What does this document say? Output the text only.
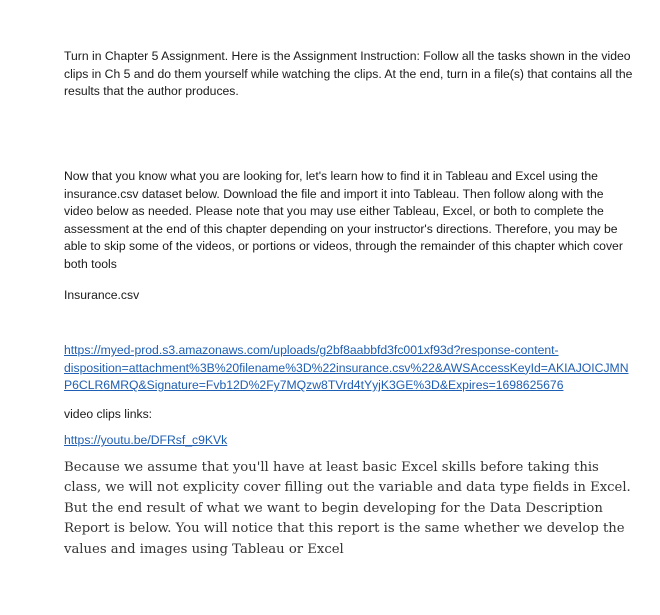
Turn in Chapter 5 Assignment. Here is the Assignment Instruction: Follow all the tasks shown in the video clips in Ch 5 and do them yourself while watching the clips. At the end, turn in a file(s) that contains all the results that the author produces.

Now that you know what you are looking for, let's learn how to find it in Tableau and Excel using the insurance.csv dataset below. Download the file and import it into Tableau. Then follow along with the video below as needed. Please note that you may use either Tableau, Excel, or both to complete the assessment at the end of this chapter depending on your instructor's directions. Therefore, you may be able to skip some of the videos, or portions or videos, through the remainder of this chapter which cover both tools

Insurance.csv

https://myed-prod.s3.amazonaws.com/uploads/g2bf8aabbfd3fc001xf93d?response-content-
disposition=attachment%3B%20filename%3D%22insurance.csv%22&AWSAccessKeyId=AKIAJOICJMN
P6CLR6MRQ&Signature=Fvb12D%2Fy7MQzw8TVrd4tYyjK3GE%3D&Expires=1698625676

video clips links:

https://youtu.be/DFRsf_c9KVk

Because we assume that you'll have at least basic Excel skills before taking this class, we will not explicity cover filling out the variable and data type fields in Excel. But the end result of what we want to begin developing for the Data Description Report is below. You will notice that this report is the same whether we develop the values and images using Tableau or Excel
